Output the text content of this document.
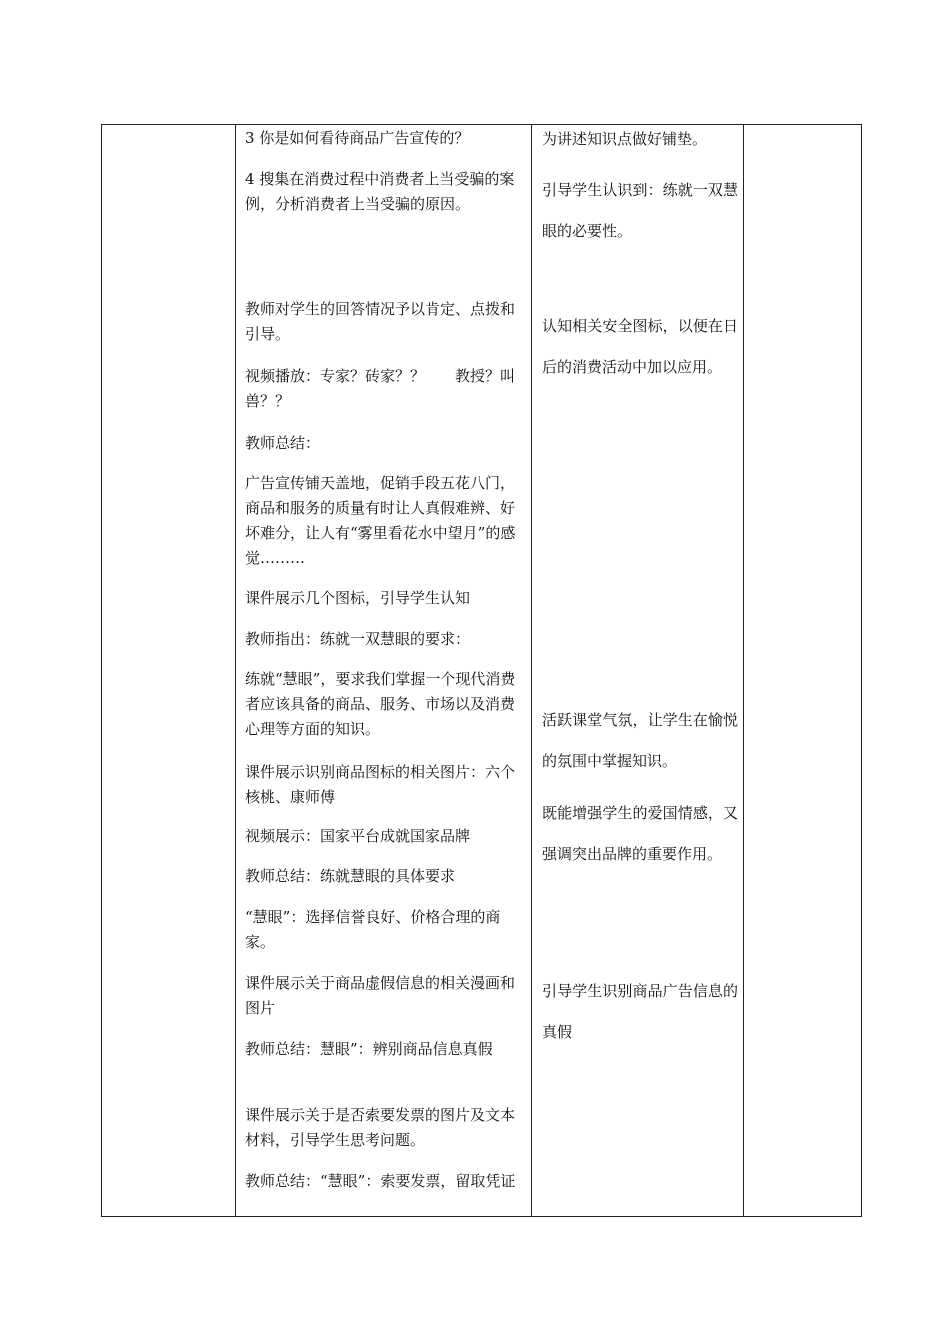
3 你是如何看待商品广告宣传的？

4 搜集在消费过程中消费者上当受骗的案例，分析消费者上当受骗的原因。

教师对学生的回答情况予以肯定、点拨和引导。

视频播放：专家？砖家？？　　教授？叫兽？？

教师总结：

广告宣传铺天盖地，促销手段五花八门，商品和服务的质量有时让人真假难辨、好坏难分，让人有“雾里看花水中望月”的感觉………

课件展示几个图标，引导学生认知

教师指出：练就一双慧眼的要求：

练就“慧眼”，要求我们掌握一个现代消费者应该具备的商品、服务、市场以及消费心理等方面的知识。

课件展示识别商品图标的相关图片：六个核桃、康师傅

视频展示：国家平台成就国家品牌

教师总结：练就慧眼的具体要求

“慧眼”：选择信誉良好、价格合理的商家。

课件展示关于商品虚假信息的相关漫画和图片

教师总结：慧眼”：辨别商品信息真假

课件展示关于是否索要发票的图片及文本材料，引导学生思考问题。

教师总结：“慧眼”：索要发票，留取凭证

为讲述知识点做好铺垫。

引导学生认识到：练就一双慧眼的必要性。

认知相关安全图标，以便在日后的消费活动中加以应用。

活跃课堂气氛，让学生在愉悦的氛围中掌握知识。

既能增强学生的爱国情感，又强调突出品牌的重要作用。

引导学生识别商品广告信息的真假
